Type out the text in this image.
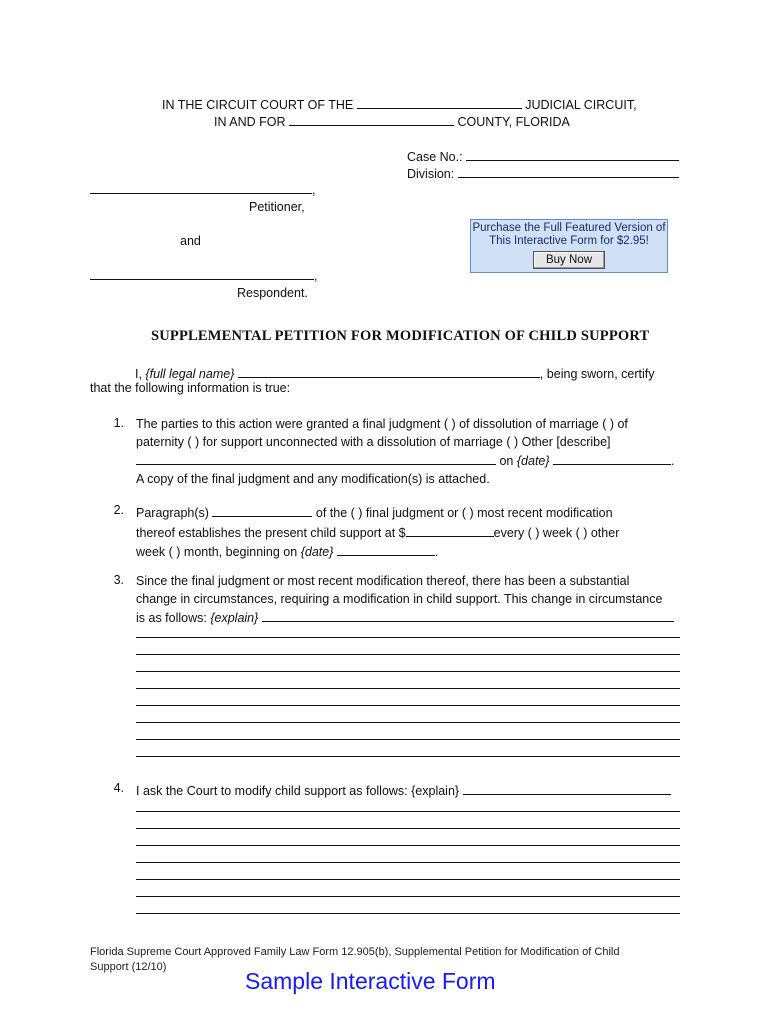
IN THE CIRCUIT COURT OF THE	JUDICIAL CIRCUIT,
IN AND FOR	COUNTY, FLORIDA
Case No.:
Division:
,
Petitioner,
and
,
Respondent.
Purchase the Full Featured Version of
This Interactive Form for $2.95!
Buy Now
SUPPLEMENTAL PETITION FOR MODIFICATION OF CHILD SUPPORT
I, {full legal name}	, being sworn, certify
that the following information is true:
1. The parties to this action were granted a final judgment ( ) of dissolution of marriage ( ) of
paternity ( ) for support unconnected with a dissolution of marriage ( ) Other [describe]
on {date}	.
A copy of the final judgment and any modification(s) is attached.
2. Paragraph(s)	of the ( ) final judgment or ( ) most recent modification
thereof establishes the present child support at $	every ( ) week ( ) other
week ( ) month, beginning on {date}	.
3. Since the final judgment or most recent modification thereof, there has been a substantial
change in circumstances, requiring a modification in child support. This change in circumstance
is as follows: {explain}
4. I ask the Court to modify child support as follows: {explain}
Florida Supreme Court Approved Family Law Form 12.905(b), Supplemental Petition for Modification of Child
Support (12/10)
Sample Interactive Form
